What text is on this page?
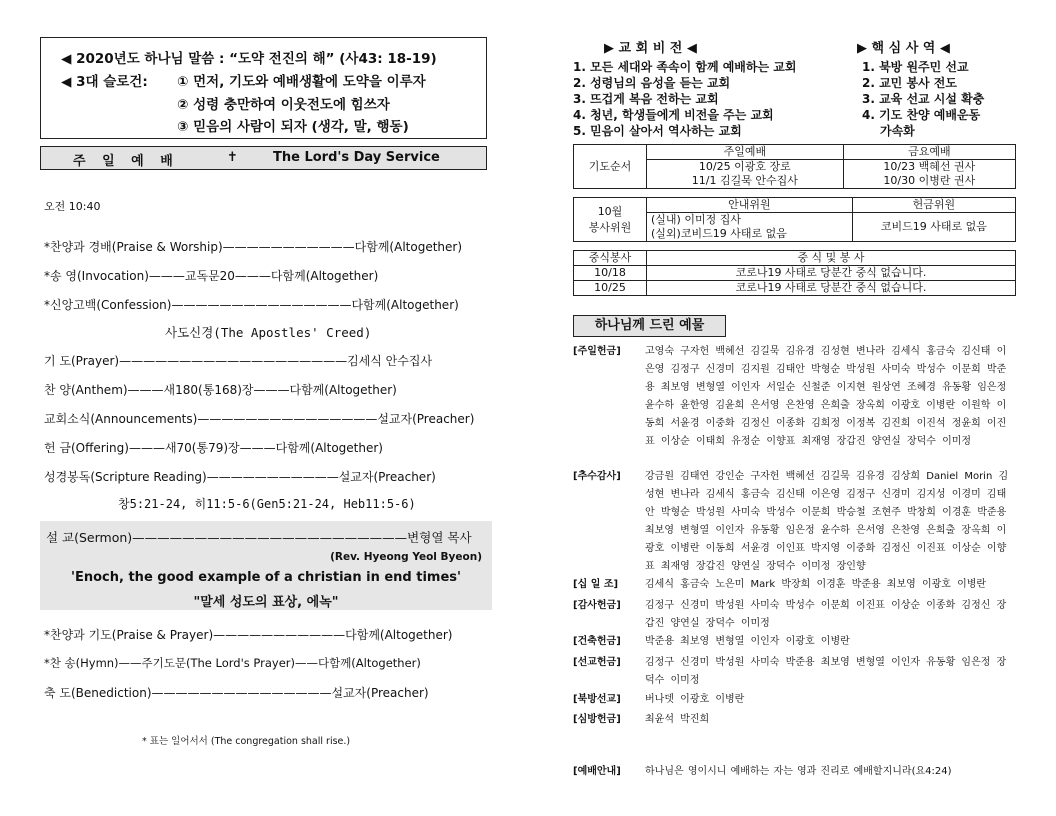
◀ 2020년도 하나님 말씀 : “도약 전진의 해” (사43: 18-19)
◀ 3대 슬로건: ① 먼저, 기도와 예배생활에 도약을 이루자
② 성령 충만하여 이웃전도에 힘쓰자
③ 믿음의 사람이 되자 (생각, 말, 행동)
주 일 예 배	✝	The Lord's Day Service
오전 10:40
*찬양과 경배(Praise & Worship)———————————다함께(Altogether)
*송 영(Invocation)———교독문20———다함께(Altogether)
*신앙고백(Confession)———————————————다함께(Altogether)
사도신경(The Apostles' Creed)
기 도(Prayer)———————————————————김세식 안수집사
찬 양(Anthem)———새180(통168)장———다함께(Altogether)
교회소식(Announcements)———————————————설교자(Preacher)
헌 금(Offering)———새70(통79)장———다함께(Altogether)
성경봉독(Scripture Reading)———————————설교자(Preacher)
창5:21-24, 히11:5-6(Gen5:21-24, Heb11:5-6)
설 교(Sermon)——————————————————————변형열 목사
(Rev. Hyeong Yeol Byeon)
'Enoch, the good example of a christian in end times'
"말세 성도의 표상, 에녹"
*찬양과 기도(Praise & Prayer)———————————다함께(Altogether)
*찬 송(Hymn)——주기도문(The Lord's Prayer)——다함께(Altogether)
축 도(Benediction)———————————————설교자(Preacher)
* 표는 일어서서 (The congregation shall rise.)
▶ 교 회 비 전 ◀
1. 모든 세대와 족속이 함께 예배하는 교회
2. 성령님의 음성을 듣는 교회
3. 뜨겁게 복음 전하는 교회
4. 청년, 학생들에게 비전을 주는 교회
5. 믿음이 살아서 역사하는 교회
▶ 핵 심 사 역 ◀
1. 북방 원주민 선교
2. 교민 봉사 전도
3. 교육 선교 시설 확충
4. 기도 찬양 예배운동
가속화
기도순서	주일예배	금요예배
	10/25 이광호 장로	10/23 백혜선 권사
	11/1 김길묵 안수집사	10/30 이병란 권사
10월
봉사위원	안내위원	헌금위원
	(실내) 이미정 집사	코비드19 사태로 없음
	(실외)코비드19 사태로 없음	
중식봉사	중 식 및 봉 사
10/18	코로나19 사태로 당분간 중식 없습니다.
10/25	코로나19 사태로 당분간 중식 없습니다.
하나님께 드린 예물
[주일헌금] 고영숙 구자헌 백혜선 김길묵 김유경 김성현 변나라 김세식 홍금숙 김신태 이은영 김정구 신경미 김지원 김태안 박형순 박성원 사미숙 박성수 이문희 박준용 최보영 변형열 이인자 서일순 신철준 이지현 원상연 조혜경 유동황 임은정 윤수하 윤한영 김윤희 은서영 은찬영 은희출 장옥희 이광호 이병란 이원학 이동희 서윤경 이중화 김정신 이종화 김희정 이정복 김진희 이진석 정윤희 이진표 이상순 이태희 유정순 이향표 최재영 장갑진 양연실 장덕수 이미정
[추수감사] 강금원 김태연 강인순 구자헌 백혜선 김길묵 김유경 김상희 Daniel Morin 김성현 변나라 김세식 홍금숙 김신태 이은영 김정구 신경미 김지성 이경미 김태안 박형순 박성원 사미숙 박성수 이문희 박승철 조현주 박창희 이경훈 박준용 최보영 변형열 이인자 유동황 임은정 윤수하 은서영 은찬영 은희출 장옥희 이광호 이병란 이동희 서윤경 이인표 박지영 이중화 김정신 이진표 이상순 이향표 최재영 장갑진 양연실 장덕수 이미정 장인향
[십 일 조]	김세식 홍금숙 노은미 Mark 박장희 이경훈 박준용 최보영 이광호 이병란
[감사헌금] 김정구 신경미 박성원 사미숙 박성수 이문희 이진표 이상순 이종화 김정신 장갑진 양연실 장덕수 이미정
[건축헌금] 박준용 최보영 변형열 이인자 이광호 이병란
[선교헌금] 김정구 신경미 박성원 사미숙 박준용 최보영 변형열 이인자 유동황 임은정 장덕수 이미정
[북방선교] 버나뎃 이광호 이병란
[심방헌금] 최윤석 박진희
[예배안내] 하나님은 영이시니 예배하는 자는 영과 진리로 예배할지니라(요4:24)
